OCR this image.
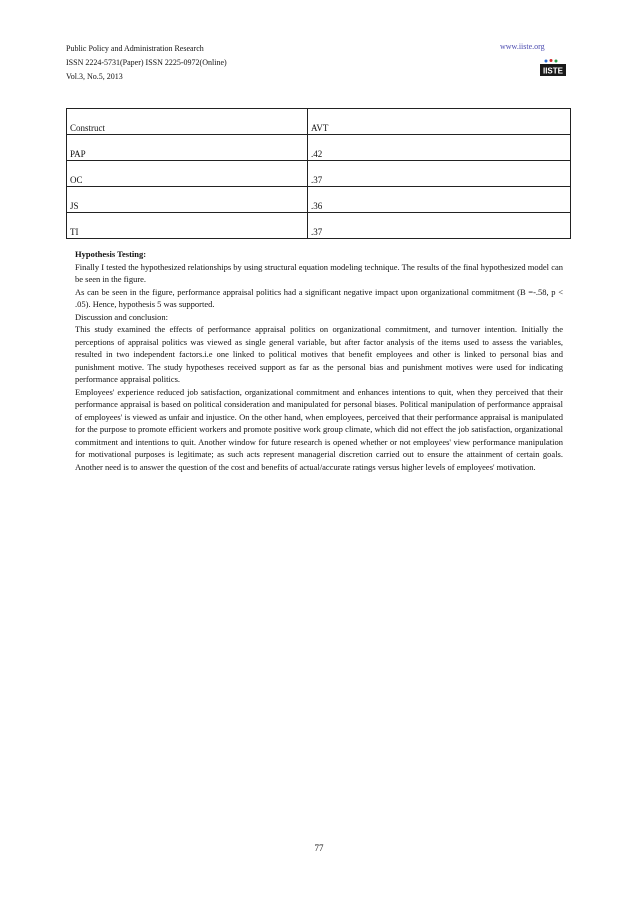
Public Policy and Administration Research
ISSN 2224-5731(Paper) ISSN 2225-0972(Online)
Vol.3, No.5, 2013
www.iiste.org
IISTE
Construct	AVT
PAP	.42
OC	.37
JS	.36
TI	.37

Hypothesis Testing:

Finally I tested the hypothesized relationships by using structural equation modeling technique. The results of the final hypothesized model can be seen in the figure.

As can be seen in the figure, performance appraisal politics had a significant negative impact upon organizational commitment (B =-.58, p < .05). Hence, hypothesis 5 was supported.

Discussion and conclusion:

This study examined the effects of performance appraisal politics on organizational commitment, and turnover intention. Initially the perceptions of appraisal politics was viewed as single general variable, but after factor analysis of the items used to assess the variables, resulted in two independent factors.i.e one linked to political motives that benefit employees and other is linked to personal bias and punishment motive. The study hypotheses received support as far as the personal bias and punishment motives were used for indicating performance appraisal politics.

Employees' experience reduced job satisfaction, organizational commitment and enhances intentions to quit, when they perceived that their performance appraisal is based on political consideration and manipulated for personal biases. Political manipulation of performance appraisal of employees' is viewed as unfair and injustice. On the other hand, when employees, perceived that their performance appraisal is manipulated for the purpose to promote efficient workers and promote positive work group climate, which did not effect the job satisfaction, organizational commitment and intentions to quit. Another window for future research is opened whether or not employees' view performance manipulation for motivational purposes is legitimate; as such acts represent managerial discretion carried out to ensure the attainment of certain goals. Another need is to answer the question of the cost and benefits of actual/accurate ratings versus higher levels of employees' motivation.

77
